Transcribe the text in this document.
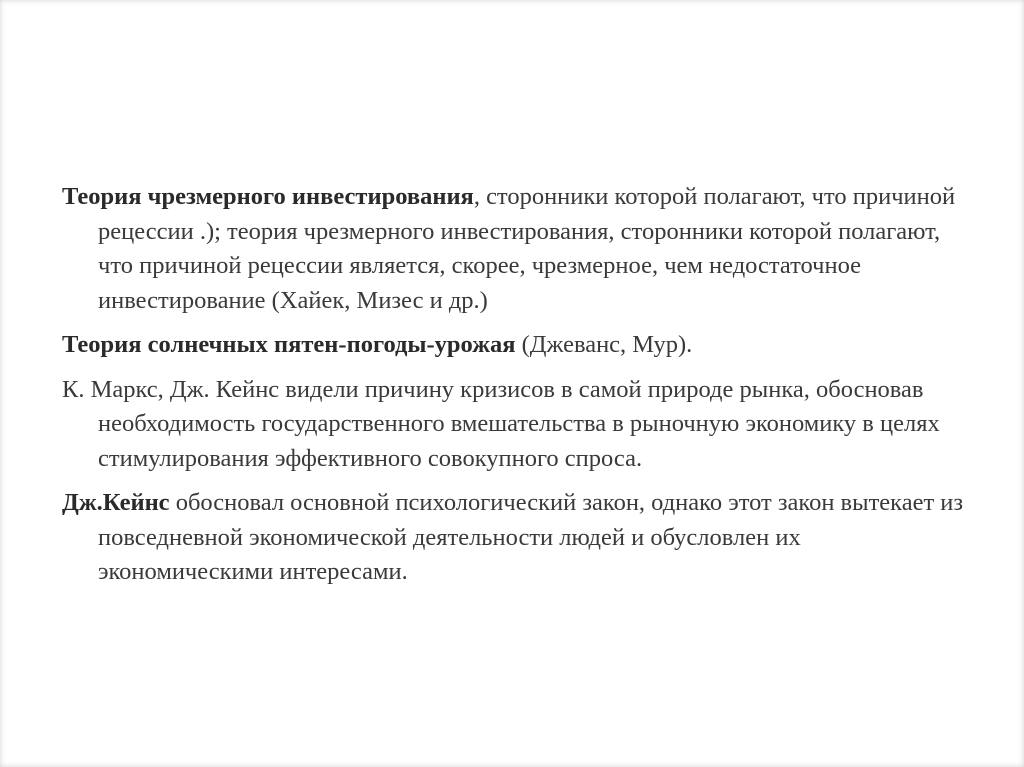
Теория чрезмерного инвестирования, сторонники которой полагают, что причиной рецессии .); теория чрезмерного инвестирования, сторонники которой полагают, что причиной рецессии является, скорее, чрезмерное, чем недостаточное инвестирование (Хайек, Мизес и др.)

Теория солнечных пятен-погоды-урожая (Джеванс, Мур).

К. Маркс, Дж. Кейнс видели причину кризисов в самой природе рынка, обосновав необходимость государственного вмешательства в рыночную экономику в целях стимулирования эффективного совокупного спроса.

Дж.Кейнс обосновал основной психологический закон, однако этот закон вытекает из повседневной экономической деятельности людей и обусловлен их экономическими интересами.
